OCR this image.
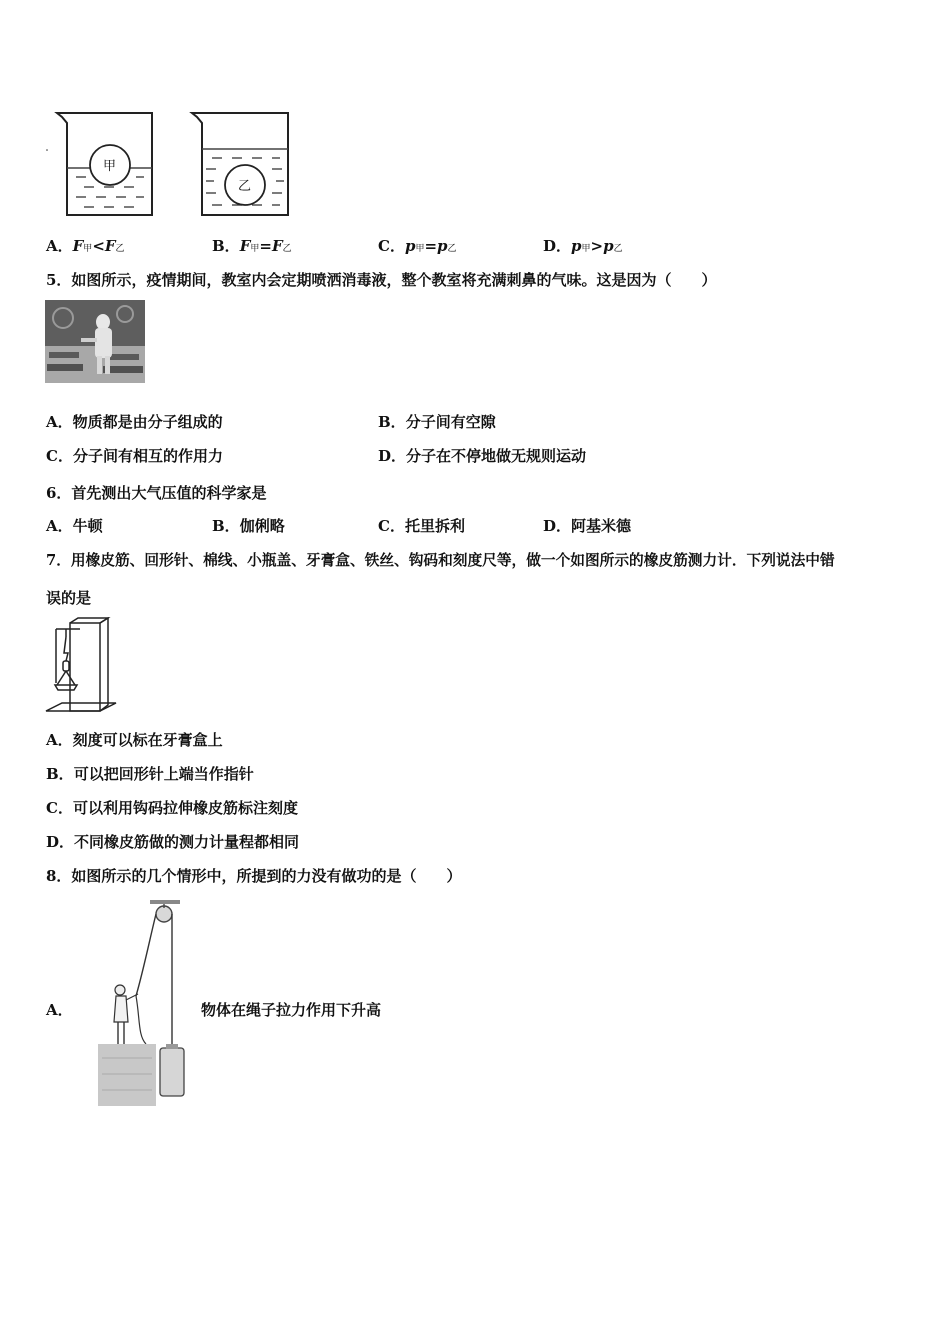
甲
乙
A．F甲<F乙	B．F甲=F乙	C．p甲=p乙	D．p甲>p乙
5．如图所示，疫情期间，教室内会定期喷洒消毒液，整个教室将充满刺鼻的气味。这是因为（　　）
A．物质都是由分子组成的	B．分子间有空隙
C．分子间有相互的作用力	D．分子在不停地做无规则运动
6．首先测出大气压值的科学家是
A．牛顿	B．伽俐略	C．托里拆利	D．阿基米德
7．用橡皮筋、回形针、棉线、小瓶盖、牙膏盒、铁丝、钩码和刻度尺等，做一个如图所示的橡皮筋测力计．下列说法中错
误的是
A．刻度可以标在牙膏盒上
B．可以把回形针上端当作指针
C．可以利用钩码拉伸橡皮筋标注刻度
D．不同橡皮筋做的测力计量程都相同
8．如图所示的几个情形中，所提到的力没有做功的是（　　）
A．	物体在绳子拉力作用下升高
